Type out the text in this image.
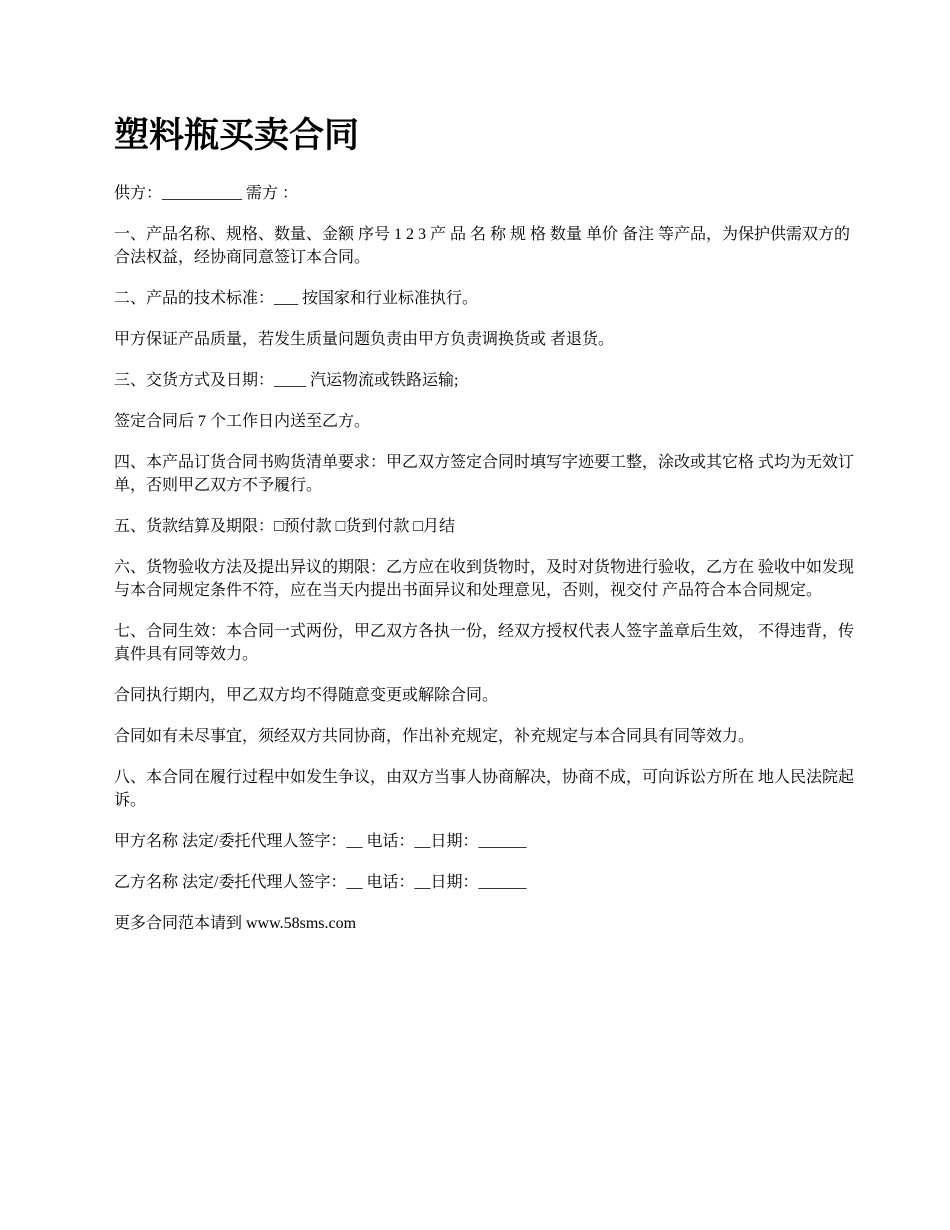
塑料瓶买卖合同

供方：__________ 需方 ：

一、产品名称、规格、数量、金额 序号 1 2 3 产 品 名 称 规 格 数量 单价 备注 等产品，为保护供需双方的合法权益，经协商同意签订本合同。

二、产品的技术标准：___ 按国家和行业标准执行。

甲方保证产品质量，若发生质量问题负责由甲方负责调换货或 者退货。

三、交货方式及日期：____ 汽运物流或铁路运输;

签定合同后 7 个工作日内送至乙方。

四、本产品订货合同书购货清单要求：甲乙双方签定合同时填写字迹要工整，涂改或其它格 式均为无效订单，否则甲乙双方不予履行。

五、货款结算及期限：□预付款 □货到付款 □月结

六、货物验收方法及提出异议的期限：乙方应在收到货物时，及时对货物进行验收，乙方在 验收中如发现与本合同规定条件不符，应在当天内提出书面异议和处理意见，否则，视交付 产品符合本合同规定。

七、合同生效：本合同一式两份，甲乙双方各执一份，经双方授权代表人签字盖章后生效， 不得违背，传真件具有同等效力。

合同执行期内，甲乙双方均不得随意变更或解除合同。

合同如有未尽事宜，须经双方共同协商，作出补充规定，补充规定与本合同具有同等效力。

八、本合同在履行过程中如发生争议，由双方当事人协商解决，协商不成，可向诉讼方所在 地人民法院起诉。

甲方名称 法定/委托代理人签字：__ 电话：__日期：______

乙方名称 法定/委托代理人签字：__ 电话：__日期：______

更多合同范本请到 www.58sms.com
